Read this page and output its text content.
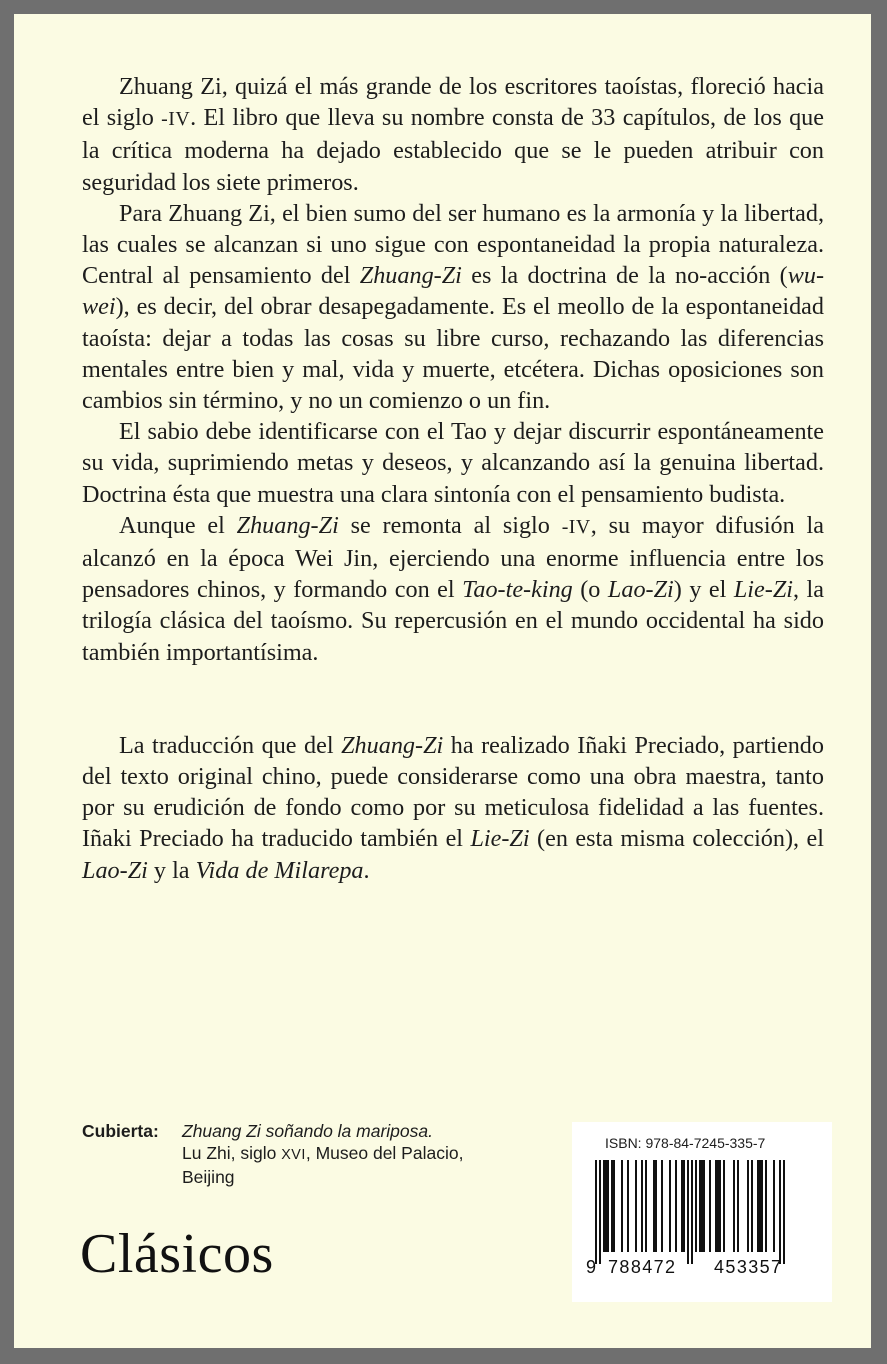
Zhuang Zi, quizá el más grande de los escritores taoístas, floreció hacia el siglo -IV. El libro que lleva su nombre consta de 33 capítulos, de los que la crítica moderna ha dejado establecido que se le pueden atribuir con seguridad los siete primeros.

Para Zhuang Zi, el bien sumo del ser humano es la armonía y la libertad, las cuales se alcanzan si uno sigue con espontaneidad la propia naturaleza. Central al pensamiento del Zhuang-Zi es la doctrina de la no-acción (wu-wei), es decir, del obrar desapegadamente. Es el meollo de la espontaneidad taoísta: dejar a todas las cosas su libre curso, rechazando las diferencias mentales entre bien y mal, vida y muerte, etcétera. Dichas oposiciones son cambios sin término, y no un comienzo o un fin.

El sabio debe identificarse con el Tao y dejar discurrir espontáneamente su vida, suprimiendo metas y deseos, y alcanzando así la genuina libertad. Doctrina ésta que muestra una clara sintonía con el pensamiento budista.

Aunque el Zhuang-Zi se remonta al siglo -IV, su mayor difusión la alcanzó en la época Wei Jin, ejerciendo una enorme influencia entre los pensadores chinos, y formando con el Tao-te-king (o Lao-Zi) y el Lie-Zi, la trilogía clásica del taoísmo. Su repercusión en el mundo occidental ha sido también importantísima.

La traducción que del Zhuang-Zi ha realizado Iñaki Preciado, partiendo del texto original chino, puede considerarse como una obra maestra, tanto por su erudición de fondo como por su meticulosa fidelidad a las fuentes. Iñaki Preciado ha traducido también el Lie-Zi (en esta misma colección), el Lao-Zi y la Vida de Milarepa.

Cubierta: Zhuang Zi soñando la mariposa.
Lu Zhi, siglo XVI, Museo del Palacio,
Beijing
Clásicos
ISBN: 978-84-7245-335-7
9 788472 453357
